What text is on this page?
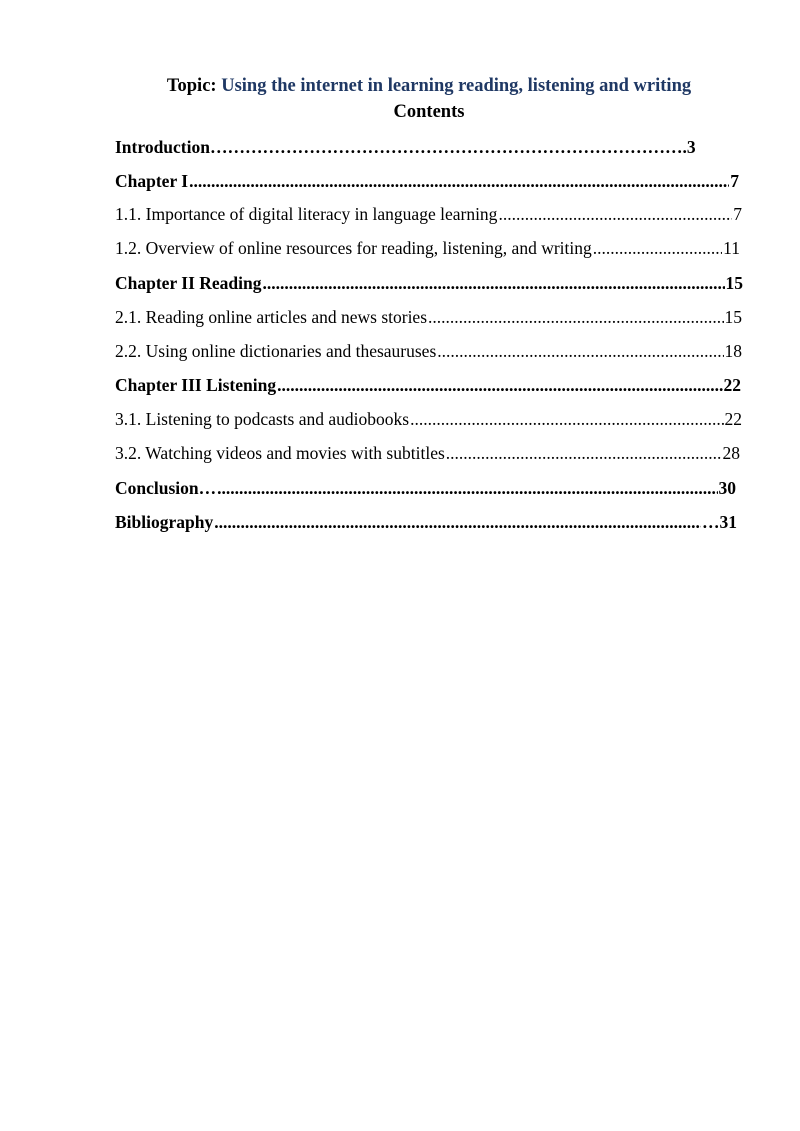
Topic: Using the internet in learning reading, listening and writing
Contents
Introduction………………………………………………………………………. 3
Chapter I .....	7
1.1. Importance of digital literacy in language learning .....	7
1.2. Overview of online resources for reading, listening, and writing .....	11
Chapter II Reading .....	15
2.1. Reading online articles and news stories .....	15
2.2. Using online dictionaries and thesauruses .....	18
Chapter III Listening .....	22
3.1. Listening to podcasts and audiobooks .....	22
3.2. Watching videos and movies with subtitles .....	28
Conclusion… .....	30
Bibliography .....	…31
